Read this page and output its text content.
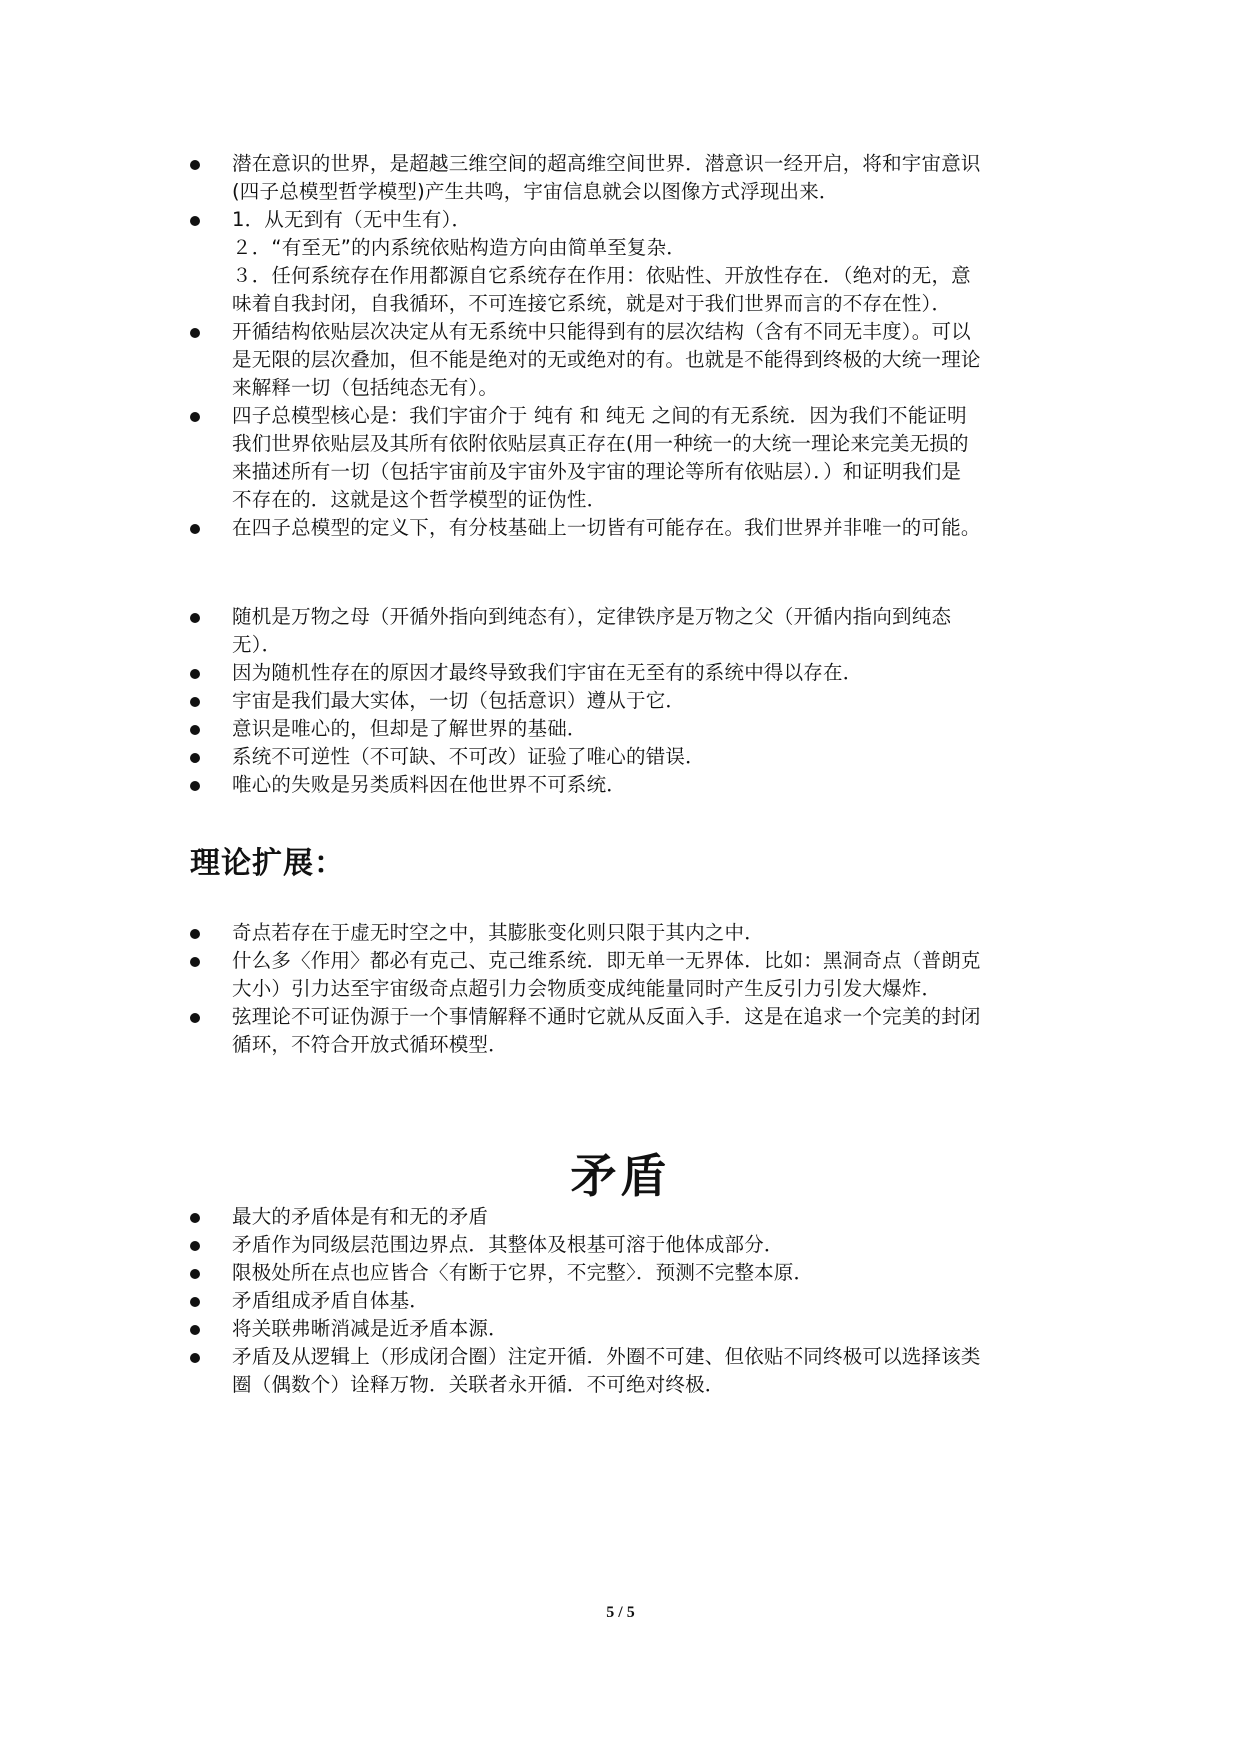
潜在意识的世界，是超越三维空间的超高维空间世界．潜意识一经开启，将和宇宙意识
(四子总模型哲学模型)产生共鸣，宇宙信息就会以图像方式浮现出来．
1．从无到有（无中生有）．
２．“有至无”的内系统依贴构造方向由简单至复杂．
３．任何系统存在作用都源自它系统存在作用：依贴性、开放性存在．（绝对的无，意
味着自我封闭，自我循环，不可连接它系统，就是对于我们世界而言的不存在性）．
开循结构依贴层次决定从有无系统中只能得到有的层次结构（含有不同无丰度）。可以
是无限的层次叠加，但不能是绝对的无或绝对的有。也就是不能得到终极的大统一理论
来解释一切（包括纯态无有）。
四子总模型核心是：我们宇宙介于 纯有 和 纯无 之间的有无系统．因为我们不能证明
我们世界依贴层及其所有依附依贴层真正存在(用一种统一的大统一理论来完美无损的
来描述所有一切（包括宇宙前及宇宙外及宇宙的理论等所有依贴层）．）和证明我们是
不存在的．这就是这个哲学模型的证伪性．
在四子总模型的定义下，有分枝基础上一切皆有可能存在。我们世界并非唯一的可能。
随机是万物之母（开循外指向到纯态有），定律铁序是万物之父（开循内指向到纯态
无）．
因为随机性存在的原因才最终导致我们宇宙在无至有的系统中得以存在．
宇宙是我们最大实体，一切（包括意识）遵从于它．
意识是唯心的，但却是了解世界的基础．
系统不可逆性（不可缺、不可改）证验了唯心的错误．
唯心的失败是另类质料因在他世界不可系统．
理论扩展：
奇点若存在于虚无时空之中，其膨胀变化则只限于其内之中．
什么多〈作用〉都必有克己、克己维系统．即无单一无界体．比如：黑洞奇点（普朗克
大小）引力达至宇宙级奇点超引力会物质变成纯能量同时产生反引力引发大爆炸．
弦理论不可证伪源于一个事情解释不通时它就从反面入手．这是在追求一个完美的封闭
循环，不符合开放式循环模型．
矛盾
最大的矛盾体是有和无的矛盾
矛盾作为同级层范围边界点．其整体及根基可溶于他体成部分．
限极处所在点也应皆合〈有断于它界，不完整〉．预测不完整本原．
矛盾组成矛盾自体基．
将关联弗晰消减是近矛盾本源．
矛盾及从逻辑上（形成闭合圈）注定开循．外圈不可建、但依贴不同终极可以选择该类
圈（偶数个）诠释万物．关联者永开循．不可绝对终极．
5 / 5
